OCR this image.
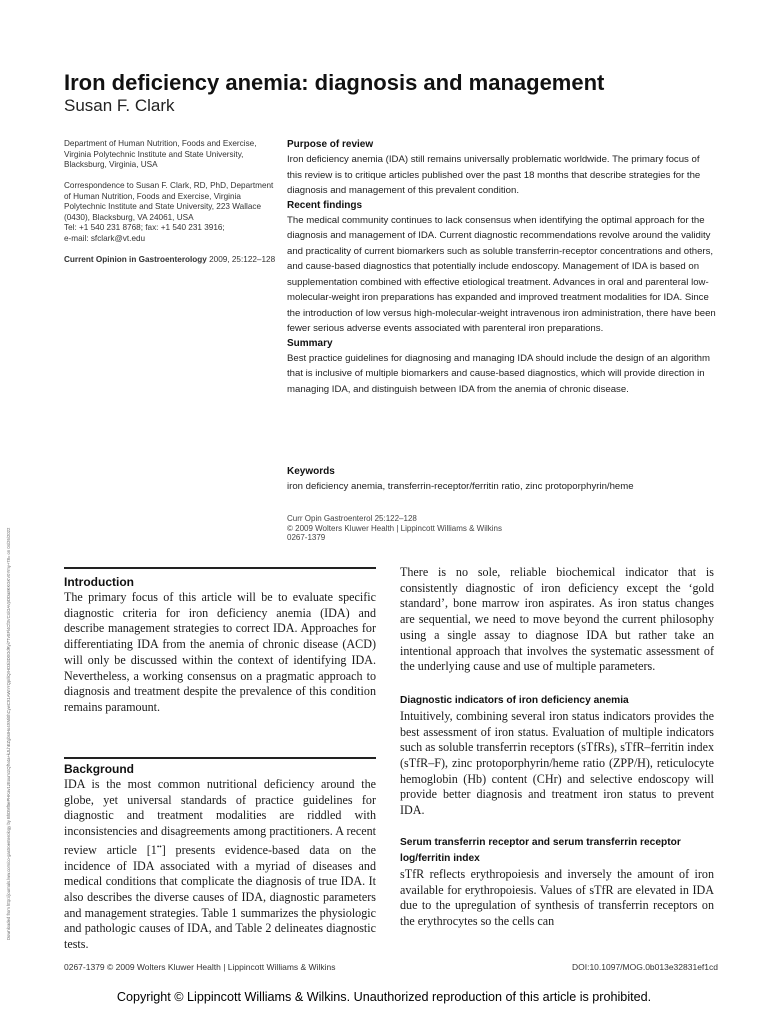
Downloaded from http://journals.lww.com/co-gastroenterology by BhDMf5ePHKav1zEoum1tQfN4a+kJLhEZgbsIHo4XMi0hCywCX1AWnYQp/IlQrHD3i3D0OdRyi7TvSFl4Cf3VC4/OAVpDDa8KKGKV0Ymy+78= on 04/26/2022
Iron deficiency anemia: diagnosis and management
Susan F. Clark

Department of Human Nutrition, Foods and Exercise, Virginia Polytechnic Institute and State University, Blacksburg, Virginia, USA

Correspondence to Susan F. Clark, RD, PhD, Department of Human Nutrition, Foods and Exercise, Virginia Polytechnic Institute and State University, 223 Wallace (0430), Blacksburg, VA 24061, USA

Tel: +1 540 231 8768; fax: +1 540 231 3916;

e-mail: sfclark@vt.edu

Current Opinion in Gastroenterology 2009, 25:122–128

Purpose of review

Iron deficiency anemia (IDA) still remains universally problematic worldwide. The primary focus of this review is to critique articles published over the past 18 months that describe strategies for the diagnosis and management of this prevalent condition.

Recent findings

The medical community continues to lack consensus when identifying the optimal approach for the diagnosis and management of IDA. Current diagnostic recommendations revolve around the validity and practicality of current biomarkers such as soluble transferrin-receptor concentrations and others, and cause-based diagnostics that potentially include endoscopy. Management of IDA is based on supplementation combined with effective etiological treatment. Advances in oral and parenteral low-molecular-weight iron preparations has expanded and improved treatment modalities for IDA. Since the introduction of low versus high-molecular-weight intravenous iron administration, there have been fewer serious adverse events associated with parenteral iron preparations.

Summary

Best practice guidelines for diagnosing and managing IDA should include the design of an algorithm that is inclusive of multiple biomarkers and cause-based diagnostics, which will provide direction in managing IDA, and distinguish between IDA from the anemia of chronic disease.

Keywords

iron deficiency anemia, transferrin-receptor/ferritin ratio, zinc protoporphyrin/heme

Curr Opin Gastroenterol 25:122–128

© 2009 Wolters Kluwer Health | Lippincott Williams & Wilkins

0267-1379

Introduction

The primary focus of this article will be to evaluate specific diagnostic criteria for iron deficiency anemia (IDA) and describe management strategies to correct IDA. Approaches for differentiating IDA from the anemia of chronic disease (ACD) will only be discussed within the context of identifying IDA. Nevertheless, a working consensus on a pragmatic approach to diagnosis and treatment despite the prevalence of this condition remains paramount.

Background

IDA is the most common nutritional deficiency around the globe, yet universal standards of practice guidelines for diagnostic and treatment modalities are riddled with inconsistencies and disagreements among practitioners. A recent review article [1••] presents evidence-based data on the incidence of IDA associated with a myriad of diseases and medical conditions that complicate the diagnosis of true IDA. It also describes the diverse causes of IDA, diagnostic parameters and management strategies. Table 1 summarizes the physiologic and pathologic causes of IDA, and Table 2 delineates diagnostic tests.

There is no sole, reliable biochemical indicator that is consistently diagnostic of iron deficiency except the ‘gold standard’, bone marrow iron aspirates. As iron status changes are sequential, we need to move beyond the current philosophy using a single assay to diagnose IDA but rather take an intentional approach that involves the systematic assessment of the underlying cause and use of multiple parameters.

Diagnostic indicators of iron deficiency anemia

Intuitively, combining several iron status indicators provides the best assessment of iron status. Evaluation of multiple indicators such as soluble transferrin receptors (sTfRs), sTfR–ferritin index (sTfR–F), zinc protoporphyrin/heme ratio (ZPP/H), reticulocyte hemoglobin (Hb) content (CHr) and selective endoscopy will provide better diagnosis and treatment iron status to prevent IDA.

Serum transferrin receptor and serum transferrin receptor log/ferritin index

sTfR reflects erythropoiesis and inversely the amount of iron available for erythropoiesis. Values of sTfR are elevated in IDA due to the upregulation of synthesis of transferrin receptors on the erythrocytes so the cells can

0267-1379 © 2009 Wolters Kluwer Health | Lippincott Williams & Wilkins	DOI:10.1097/MOG.0b013e32831ef1cd
Copyright © Lippincott Williams & Wilkins. Unauthorized reproduction of this article is prohibited.
